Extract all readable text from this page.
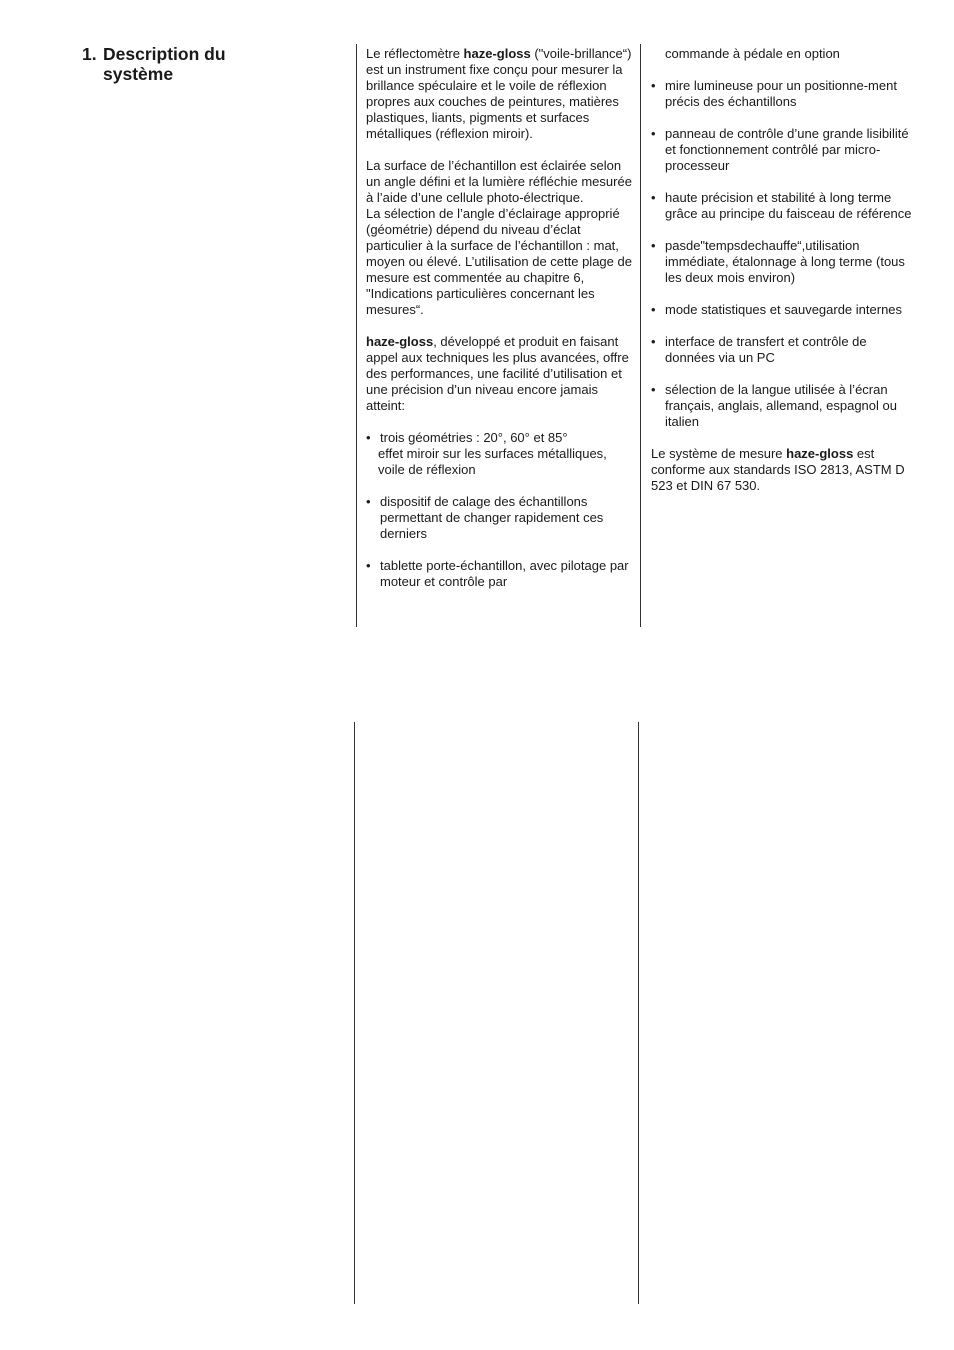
1. Description du
système

Le réflectomètre haze-gloss ("voile-brillance“) est un instrument fixe conçu pour mesurer la brillance spéculaire et le voile de réflexion propres aux couches de peintures, matières plastiques, liants, pigments et surfaces métalliques (réflexion miroir).

La surface de l’échantillon est éclairée selon un angle défini et la lumière réfléchie mesurée à l’aide d’une cellule photo-électrique.

La sélection de l’angle d’éclairage approprié (géométrie) dépend du niveau d’éclat particulier à la surface de l’échantillon : mat, moyen ou élevé. L’utilisation de cette plage de mesure est commentée au chapitre 6, "Indications particulières concernant les mesures“.

haze-gloss, développé et produit en faisant appel aux techniques les plus avancées, offre des performances, une facilité d’utilisation et une précision d’un niveau encore jamais atteint:

• trois géométries : 20°, 60° et 85°
effet miroir sur les surfaces métalliques, voile de réflexion

• dispositif de calage des échantillons permettant de changer rapidement ces derniers

• tablette porte-échantillon, avec pilotage par moteur et contrôle par

commande à pédale en option

• mire lumineuse pour un positionne-ment précis des échantillons

• panneau de contrôle d’une grande lisibilité et fonctionnement contrôlé par micro-processeur

• haute précision et stabilité à long terme grâce au principe du faisceau de référence

• pasde"tempsdechauffe“,utilisation immédiate, étalonnage à long terme (tous les deux mois environ)

• mode statistiques et sauvegarde internes

• interface de transfert et contrôle de données via un PC

• sélection de la langue utilisée à l’écran français, anglais, allemand, espagnol ou italien

Le système de mesure haze-gloss est conforme aux standards ISO 2813, ASTM D 523 et DIN 67 530.
